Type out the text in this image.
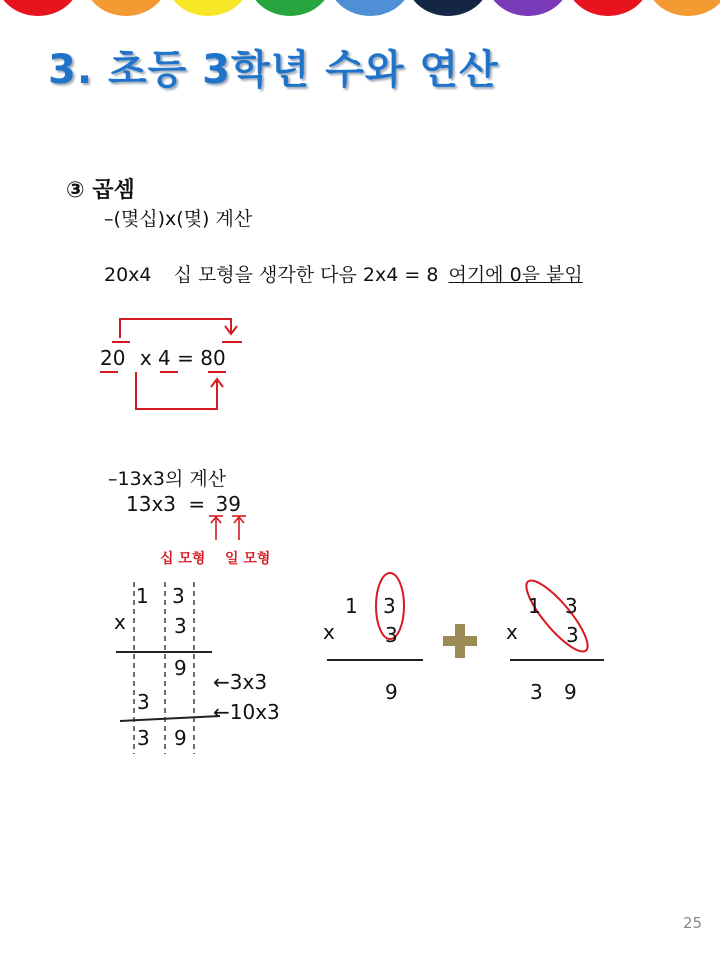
3. 초등 3학년 수와 연산
③ 곱셈
–(몇십)x(몇) 계산
20x4 십 모형을 생각한 다음 2x4 = 8 여기에 0을 붙임
20 x 4 = 80
–13x3의 계산
13x3 = 39
십 모형 일 모형
1 3
x 3
9
3
3 9
←3x3
←10x3
1 3
x	3
9
1 3
x 3
3 9
25
